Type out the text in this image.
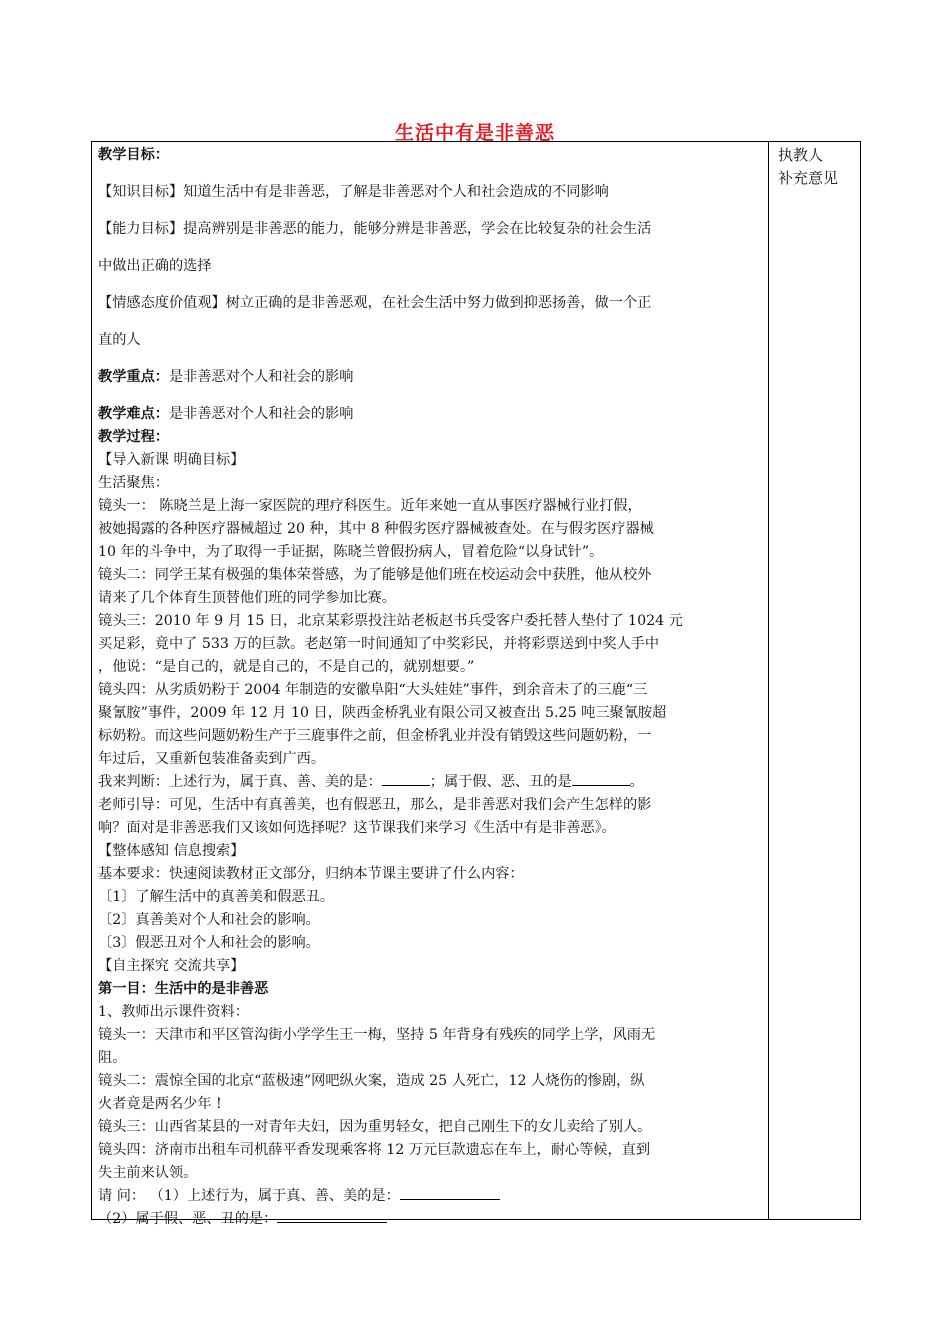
生活中有是非善恶
执教人
补充意见

教学目标：

【知识目标】知道生活中有是非善恶，了解是非善恶对个人和社会造成的不同影响

【能力目标】提高辨别是非善恶的能力，能够分辨是非善恶，学会在比较复杂的社会生活

中做出正确的选择

【情感态度价值观】树立正确的是非善恶观，在社会生活中努力做到抑恶扬善，做一个正

直的人

教学重点：是非善恶对个人和社会的影响

教学难点：是非善恶对个人和社会的影响

教学过程：

【导入新课 明确目标】

生活聚焦：

镜头一： 陈晓兰是上海一家医院的理疗科医生。近年来她一直从事医疗器械行业打假，

被她揭露的各种医疗器械超过 20 种，其中 8 种假劣医疗器械被查处。在与假劣医疗器械

10 年的斗争中，为了取得一手证据，陈晓兰曾假扮病人，冒着危险“以身试针”。

镜头二：同学王某有极强的集体荣誉感，为了能够是他们班在校运动会中获胜，他从校外

请来了几个体育生顶替他们班的同学参加比赛。

镜头三：2010 年 9 月 15 日，北京某彩票投注站老板赵书兵受客户委托替人垫付了 1024 元

买足彩，竟中了 533 万的巨款。老赵第一时间通知了中奖彩民，并将彩票送到中奖人手中

，他说：“是自己的，就是自己的，不是自己的，就别想要。”

镜头四：从劣质奶粉于 2004 年制造的安徽阜阳“大头娃娃”事件，到余音未了的三鹿“三

聚氰胺”事件，2009 年 12 月 10 日，陕西金桥乳业有限公司又被查出 5.25 吨三聚氰胺超

标奶粉。而这些问题奶粉生产于三鹿事件之前，但金桥乳业并没有销毁这些问题奶粉，一

年过后，又重新包装准备卖到广西。

我来判断：上述行为，属于真、善、美的是：	；属于假、恶、丑的是	。

老师引导：可见，生活中有真善美，也有假恶丑，那么，是非善恶对我们会产生怎样的影

响？面对是非善恶我们又该如何选择呢？这节课我们来学习《生活中有是非善恶》。

【整体感知 信息搜索】

基本要求：快速阅读教材正文部分，归纳本节课主要讲了什么内容：

〔1〕了解生活中的真善美和假恶丑。

〔2〕真善美对个人和社会的影响。

〔3〕假恶丑对个人和社会的影响。

【自主探究 交流共享】

第一目：生活中的是非善恶

1、教师出示课件资料：

镜头一：天津市和平区管沟街小学学生王一梅，坚持 5 年背身有残疾的同学上学，风雨无

阻。

镜头二：震惊全国的北京“蓝极速”网吧纵火案，造成 25 人死亡，12 人烧伤的惨剧，纵

火者竟是两名少年 !

镜头三：山西省某县的一对青年夫妇，因为重男轻女，把自己刚生下的女儿卖给了别人。

镜头四：济南市出租车司机薛平香发现乘客将 12 万元巨款遗忘在车上，耐心等候，直到

失主前来认领。

请 问： （1）上述行为，属于真、善、美的是：

（2）属于假、恶、丑的是：
